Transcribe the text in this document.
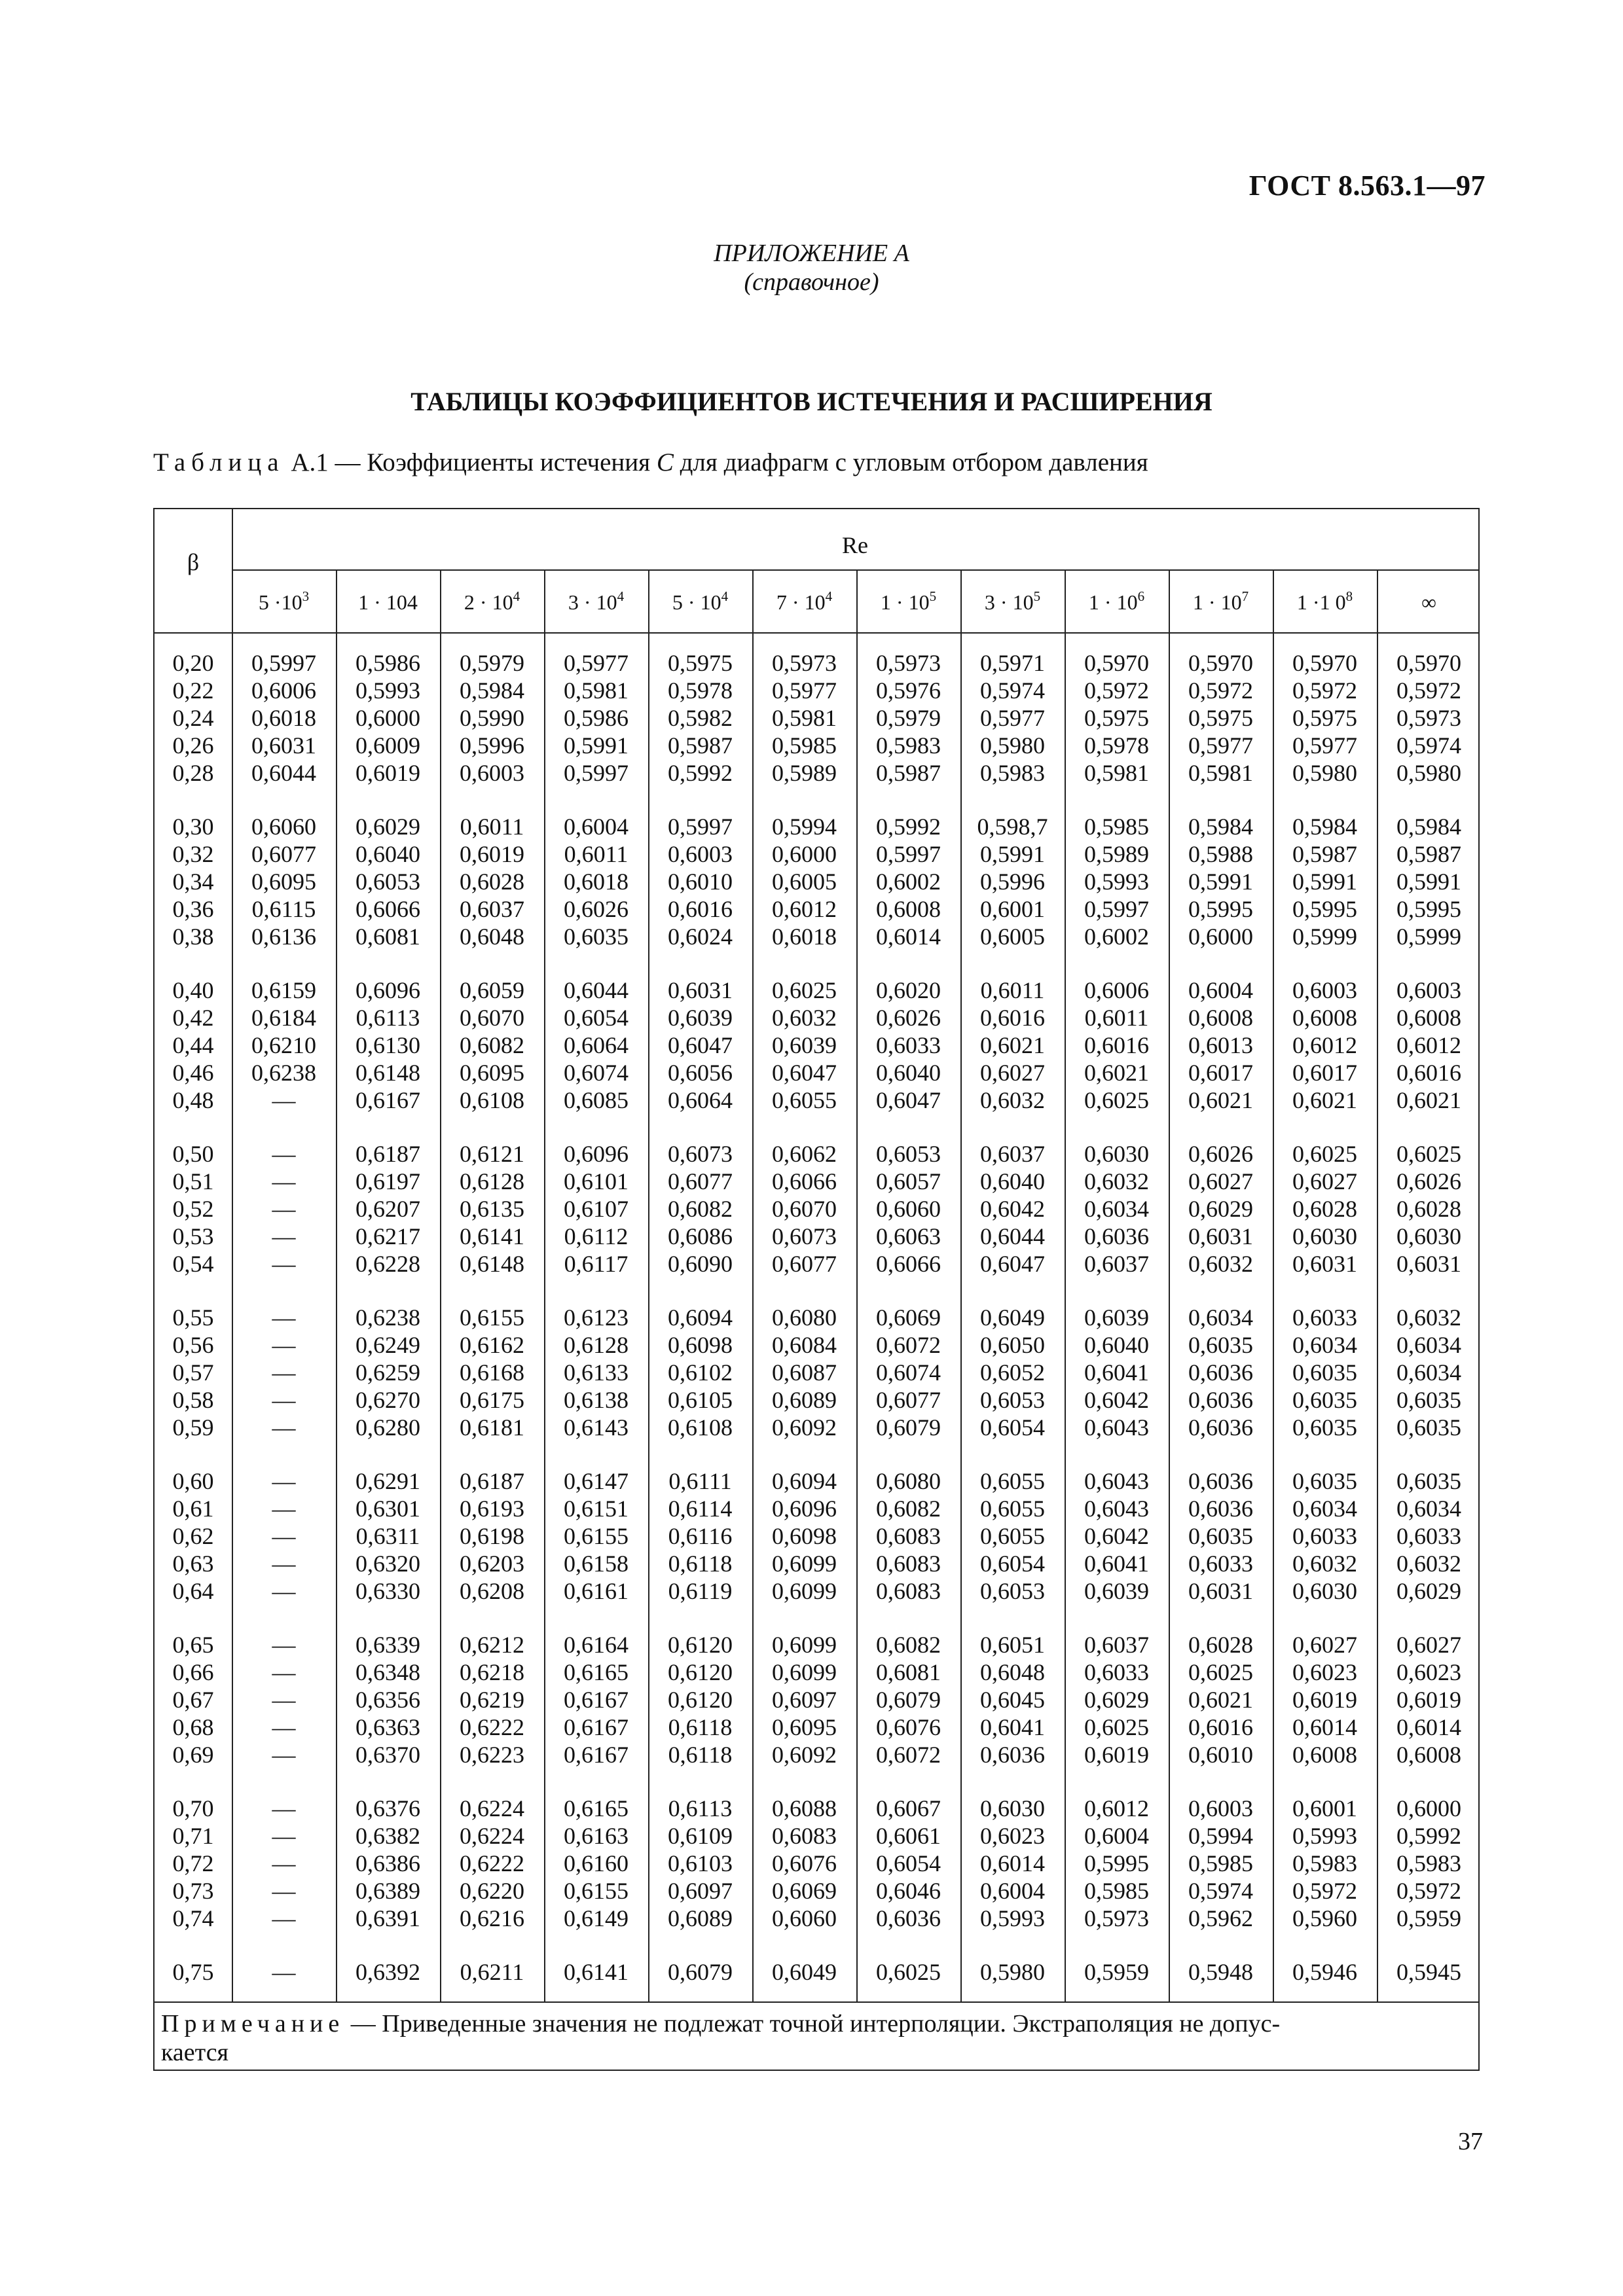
ГОСТ 8.563.1—97
ПРИЛОЖЕНИЕ А
(справочное)
ТАБЛИЦЫ КОЭФФИЦИЕНТОВ ИСТЕЧЕНИЯ И РАСШИРЕНИЯ
Таблица А.1 — Коэффициенты истечения C для диафрагм с угловым отбором давления
β
Re
Примечание — Приведенные значения не подлежат точной интерполяции. Экстраполяция не допус-
кается
$5 \cdot 10^3$	1 · 104	$2 \cdot 10^4$	$3 \cdot 10^4$	$5 \cdot 10^4$	$7 \cdot 10^4$	$1 \cdot 10^5$	$3 \cdot 10^5$	$1 \cdot 10^6$	$1 \cdot 10^7$	1 ·1 $0^8$	∞
0,20	0,5997	0,5986	0,5979	0,5977	0,5975	0,5973	0,5973	0,5971	0,5970	0,5970	0,5970	0,5970
0,22	0,6006	0,5993	0,5984	0,5981	0,5978	0,5977	0,5976	0,5974	0,5972	0,5972	0,5972	0,5972
0,24	0,6018	0,6000	0,5990	0,5986	0,5982	0,5981	0,5979	0,5977	0,5975	0,5975	0,5975	0,5973
0,26	0,6031	0,6009	0,5996	0,5991	0,5987	0,5985	0,5983	0,5980	0,5978	0,5977	0,5977	0,5974
0,28	0,6044	0,6019	0,6003	0,5997	0,5992	0,5989	0,5987	0,5983	0,5981	0,5981	0,5980	0,5980
0,30	0,6060	0,6029	0,6011	0,6004	0,5997	0,5994	0,5992	0,598,7	0,5985	0,5984	0,5984	0,5984
0,32	0,6077	0,6040	0,6019	0,6011	0,6003	0,6000	0,5997	0,5991	0,5989	0,5988	0,5987	0,5987
0,34	0,6095	0,6053	0,6028	0,6018	0,6010	0,6005	0,6002	0,5996	0,5993	0,5991	0,5991	0,5991
0,36	0,6115	0,6066	0,6037	0,6026	0,6016	0,6012	0,6008	0,6001	0,5997	0,5995	0,5995	0,5995
0,38	0,6136	0,6081	0,6048	0,6035	0,6024	0,6018	0,6014	0,6005	0,6002	0,6000	0,5999	0,5999
0,40	0,6159	0,6096	0,6059	0,6044	0,6031	0,6025	0,6020	0,6011	0,6006	0,6004	0,6003	0,6003
0,42	0,6184	0,6113	0,6070	0,6054	0,6039	0,6032	0,6026	0,6016	0,6011	0,6008	0,6008	0,6008
0,44	0,6210	0,6130	0,6082	0,6064	0,6047	0,6039	0,6033	0,6021	0,6016	0,6013	0,6012	0,6012
0,46	0,6238	0,6148	0,6095	0,6074	0,6056	0,6047	0,6040	0,6027	0,6021	0,6017	0,6017	0,6016
0,48	—	0,6167	0,6108	0,6085	0,6064	0,6055	0,6047	0,6032	0,6025	0,6021	0,6021	0,6021
0,50	—	0,6187	0,6121	0,6096	0,6073	0,6062	0,6053	0,6037	0,6030	0,6026	0,6025	0,6025
0,51	—	0,6197	0,6128	0,6101	0,6077	0,6066	0,6057	0,6040	0,6032	0,6027	0,6027	0,6026
0,52	—	0,6207	0,6135	0,6107	0,6082	0,6070	0,6060	0,6042	0,6034	0,6029	0,6028	0,6028
0,53	—	0,6217	0,6141	0,6112	0,6086	0,6073	0,6063	0,6044	0,6036	0,6031	0,6030	0,6030
0,54	—	0,6228	0,6148	0,6117	0,6090	0,6077	0,6066	0,6047	0,6037	0,6032	0,6031	0,6031
0,55	—	0,6238	0,6155	0,6123	0,6094	0,6080	0,6069	0,6049	0,6039	0,6034	0,6033	0,6032
0,56	—	0,6249	0,6162	0,6128	0,6098	0,6084	0,6072	0,6050	0,6040	0,6035	0,6034	0,6034
0,57	—	0,6259	0,6168	0,6133	0,6102	0,6087	0,6074	0,6052	0,6041	0,6036	0,6035	0,6034
0,58	—	0,6270	0,6175	0,6138	0,6105	0,6089	0,6077	0,6053	0,6042	0,6036	0,6035	0,6035
0,59	—	0,6280	0,6181	0,6143	0,6108	0,6092	0,6079	0,6054	0,6043	0,6036	0,6035	0,6035
0,60	—	0,6291	0,6187	0,6147	0,6111	0,6094	0,6080	0,6055	0,6043	0,6036	0,6035	0,6035
0,61	—	0,6301	0,6193	0,6151	0,6114	0,6096	0,6082	0,6055	0,6043	0,6036	0,6034	0,6034
0,62	—	0,6311	0,6198	0,6155	0,6116	0,6098	0,6083	0,6055	0,6042	0,6035	0,6033	0,6033
0,63	—	0,6320	0,6203	0,6158	0,6118	0,6099	0,6083	0,6054	0,6041	0,6033	0,6032	0,6032
0,64	—	0,6330	0,6208	0,6161	0,6119	0,6099	0,6083	0,6053	0,6039	0,6031	0,6030	0,6029
0,65	—	0,6339	0,6212	0,6164	0,6120	0,6099	0,6082	0,6051	0,6037	0,6028	0,6027	0,6027
0,66	—	0,6348	0,6218	0,6165	0,6120	0,6099	0,6081	0,6048	0,6033	0,6025	0,6023	0,6023
0,67	—	0,6356	0,6219	0,6167	0,6120	0,6097	0,6079	0,6045	0,6029	0,6021	0,6019	0,6019
0,68	—	0,6363	0,6222	0,6167	0,6118	0,6095	0,6076	0,6041	0,6025	0,6016	0,6014	0,6014
0,69	—	0,6370	0,6223	0,6167	0,6118	0,6092	0,6072	0,6036	0,6019	0,6010	0,6008	0,6008
0,70	—	0,6376	0,6224	0,6165	0,6113	0,6088	0,6067	0,6030	0,6012	0,6003	0,6001	0,6000
0,71	—	0,6382	0,6224	0,6163	0,6109	0,6083	0,6061	0,6023	0,6004	0,5994	0,5993	0,5992
0,72	—	0,6386	0,6222	0,6160	0,6103	0,6076	0,6054	0,6014	0,5995	0,5985	0,5983	0,5983
0,73	—	0,6389	0,6220	0,6155	0,6097	0,6069	0,6046	0,6004	0,5985	0,5974	0,5972	0,5972
0,74	—	0,6391	0,6216	0,6149	0,6089	0,6060	0,6036	0,5993	0,5973	0,5962	0,5960	0,5959
0,75	—	0,6392	0,6211	0,6141	0,6079	0,6049	0,6025	0,5980	0,5959	0,5948	0,5946	0,5945
37
